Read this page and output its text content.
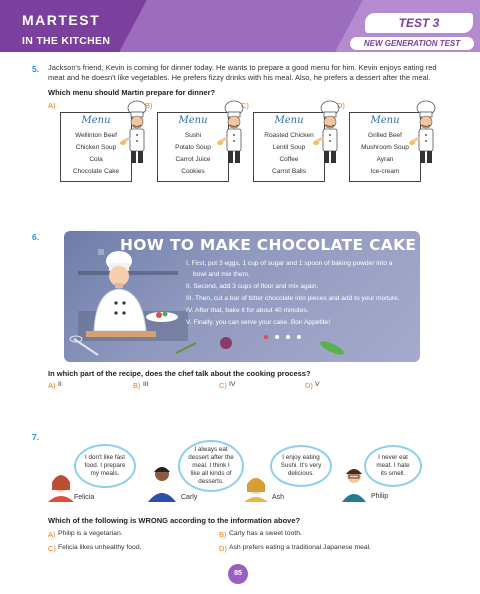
MARTEST
IN THE KITCHEN
TEST 3
NEW GENERATION TEST
5. Jackson's friend, Kevin is coming for dinner today. He wants to prepare a good menu for him. Kevin enjoys eating red meat and he doesn't like vegetables. He prefers fizzy drinks with his meal. Also, he prefers a dessert after the meal.
Which menu should Martin prepare for dinner?
A)
Menu
Wellinton Beef
Chicken Soup
Cola
Chocolate Cake
B)
Menu
Sushi
Potato Soup
Carrot Juice
Cookies
C)
Menu
Roasted Chicken
Lentil Soup
Coffee
Carrot Balls
D)
Menu
Grilled Beef
Mushroom Soup
Ayran
Ice-cream
6.	HOW TO MAKE CHOCOLATE CAKE
I. First, put 3 eggs, 1 cup of sugar and 1 spoon of baking powder into a
bowl and mix them.
II. Second, add 3 cups of flour and mix again.
III. Then, cut a bar of bitter chocolate into pieces and add to your mixture.
IV. After that, bake it for about 40 minutes.
V. Finally, you can serve your cake. Bon Appetite!
In which part of the recipe, does the chef talk about the cooking process?
A) II	B) III	C) IV	D) V
7.
I don't like fast food. I prepare my meals.
I always eat dessert after the meal. I think I like all kinds of desserts.
I enjoy eating Sushi. It's very delicious.
I never eat meat. I hate its smell.
Felicia	Carly	Ash	Philip
Which of the following is WRONG according to the information above?
A) Philip is a vegetarian.	B) Carly has a sweet tooth.
C) Felicia likes unhealthy food.	D) Ash prefers eating a traditional Japanese meal.
85
